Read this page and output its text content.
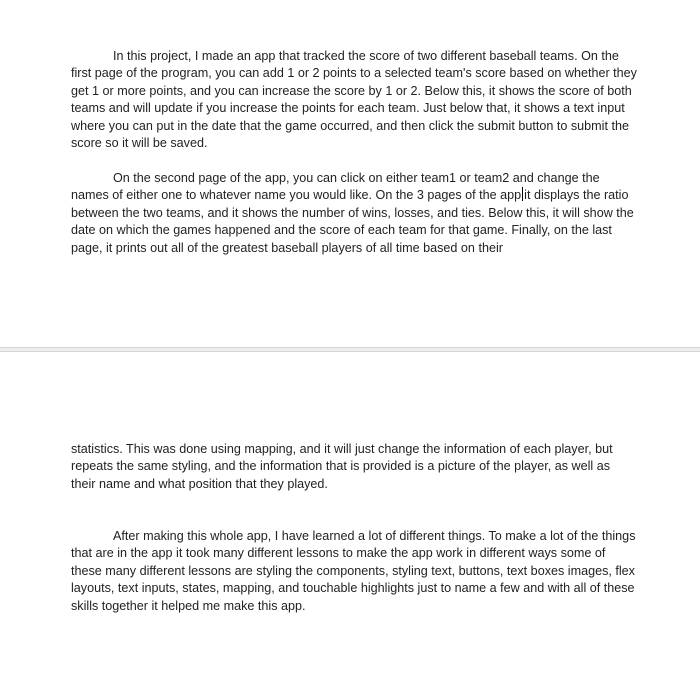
In this project, I made an app that tracked the score of two different baseball teams. On the first page of the program, you can add 1 or 2 points to a selected team's score based on whether they get 1 or more points, and you can increase the score by 1 or 2. Below this, it shows the score of both teams and will update if you increase the points for each team. Just below that, it shows a text input where you can put in the date that the game occurred, and then click the submit button to submit the score so it will be saved.

On the second page of the app, you can click on either team1 or team2 and change the names of either one to whatever name you would like. On the 3 pages of the app it displays the ratio between the two teams, and it shows the number of wins, losses, and ties. Below this, it will show the date on which the games happened and the score of each team for that game. Finally, on the last page, it prints out all of the greatest baseball players of all time based on their

statistics. This was done using mapping, and it will just change the information of each player, but repeats the same styling, and the information that is provided is a picture of the player, as well as their name and what position that they played.

After making this whole app, I have learned a lot of different things. To make a lot of the things that are in the app it took many different lessons to make the app work in different ways some of these many different lessons are styling the components, styling text, buttons, text boxes images, flex layouts, text inputs, states, mapping, and touchable highlights just to name a few and with all of these skills together it helped me make this app.
